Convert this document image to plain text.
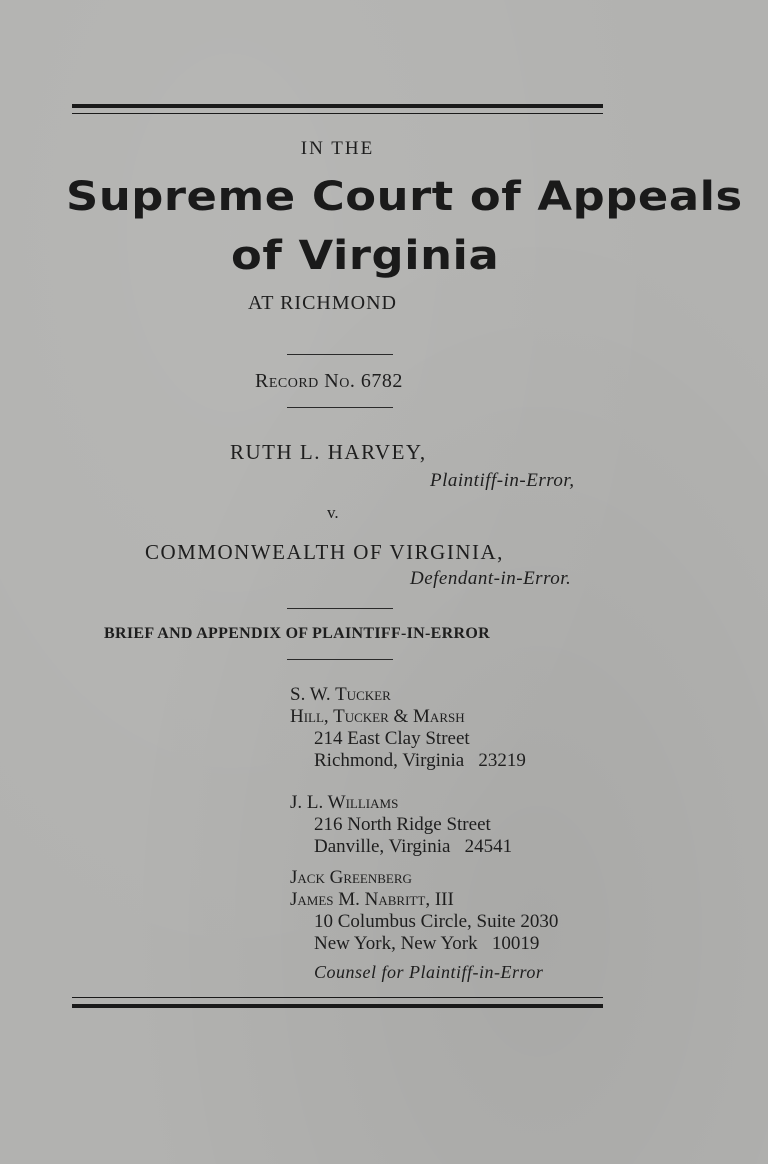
IN THE
Supreme Court of Appeals
of Virginia
AT RICHMOND
Record No. 6782
RUTH L. HARVEY,
Plaintiff-in-Error,
v.
COMMONWEALTH OF VIRGINIA,
Defendant-in-Error.
BRIEF AND APPENDIX OF PLAINTIFF-IN-ERROR
S. W. Tucker
Hill, Tucker & Marsh
214 East Clay Street
Richmond, Virginia   23219
J. L. Williams
216 North Ridge Street
Danville, Virginia   24541
Jack Greenberg
James M. Nabritt, III
10 Columbus Circle, Suite 2030
New York, New York   10019
Counsel for Plaintiff-in-Error
